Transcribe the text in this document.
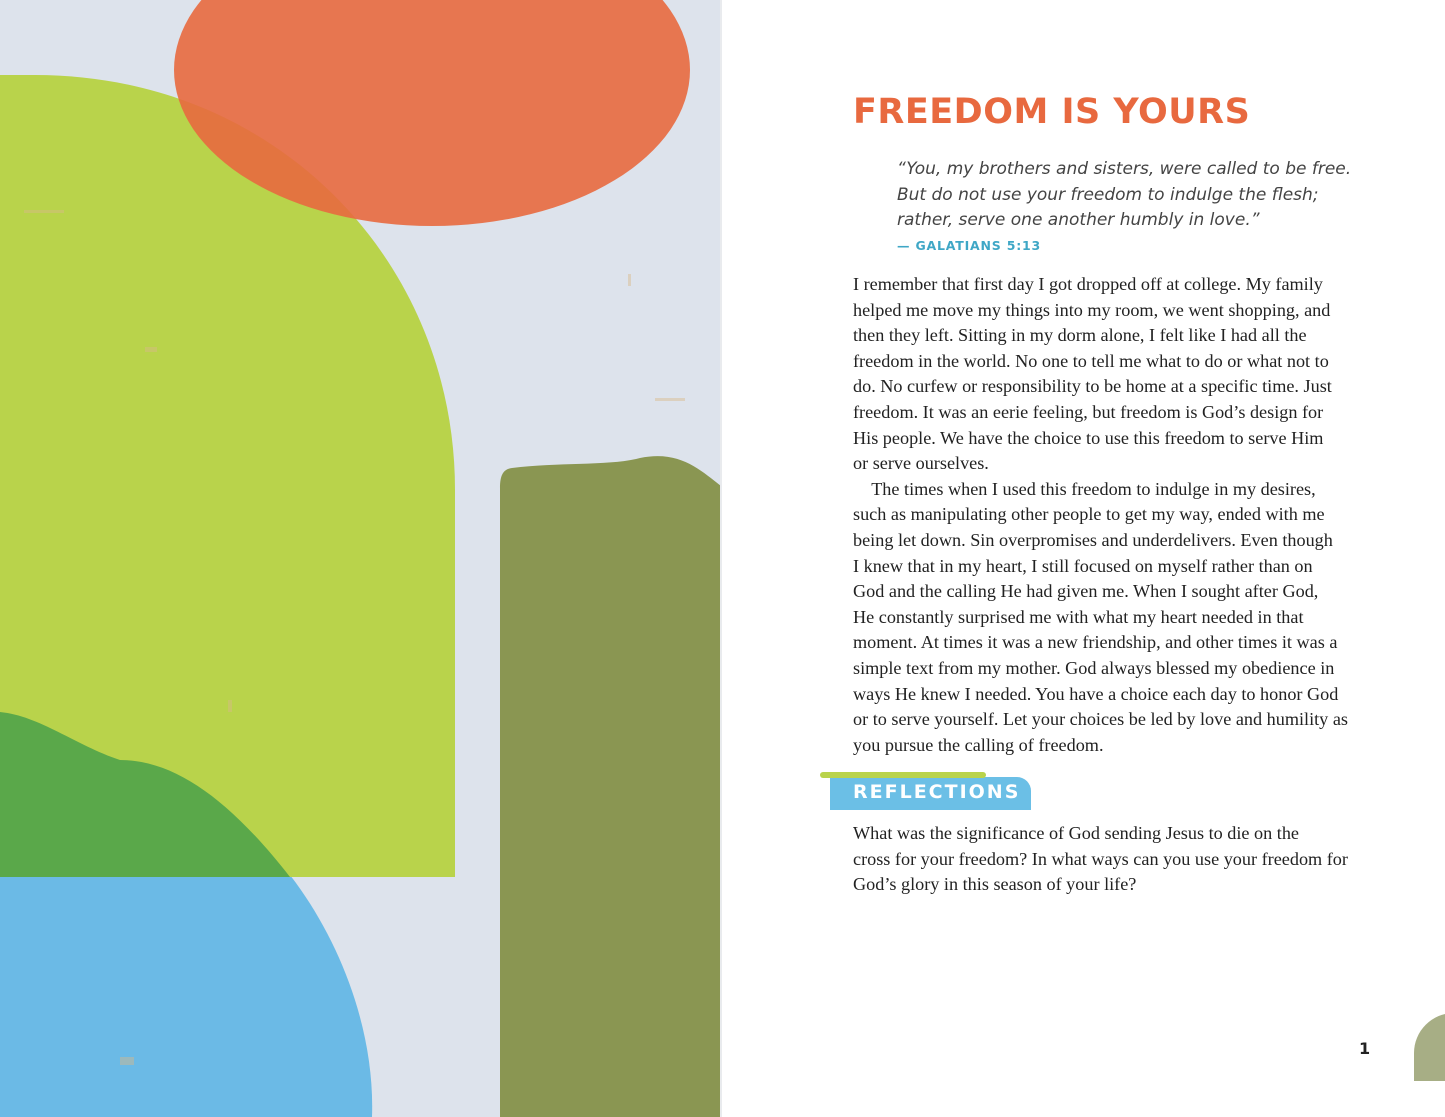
FREEDOM IS YOURS
“You, my brothers and sisters, were called to be free.
But do not use your freedom to indulge the flesh;
rather, serve one another humbly in love.”
— GALATIANS 5:13
I remember that first day I got dropped off at college. My family
helped me move my things into my room, we went shopping, and
then they left. Sitting in my dorm alone, I felt like I had all the
freedom in the world. No one to tell me what to do or what not to
do. No curfew or responsibility to be home at a specific time. Just
freedom. It was an eerie feeling, but freedom is God’s design for
His people. We have the choice to use this freedom to serve Him
or serve ourselves.
 The times when I used this freedom to indulge in my desires,
such as manipulating other people to get my way, ended with me
being let down. Sin overpromises and underdelivers. Even though
I knew that in my heart, I still focused on myself rather than on
God and the calling He had given me. When I sought after God,
He constantly surprised me with what my heart needed in that
moment. At times it was a new friendship, and other times it was a
simple text from my mother. God always blessed my obedience in
ways He knew I needed. You have a choice each day to honor God
or to serve yourself. Let your choices be led by love and humility as
you pursue the calling of freedom.
REFLECTIONS
What was the significance of God sending Jesus to die on the
cross for your freedom? In what ways can you use your freedom for
God’s glory in this season of your life?
1
